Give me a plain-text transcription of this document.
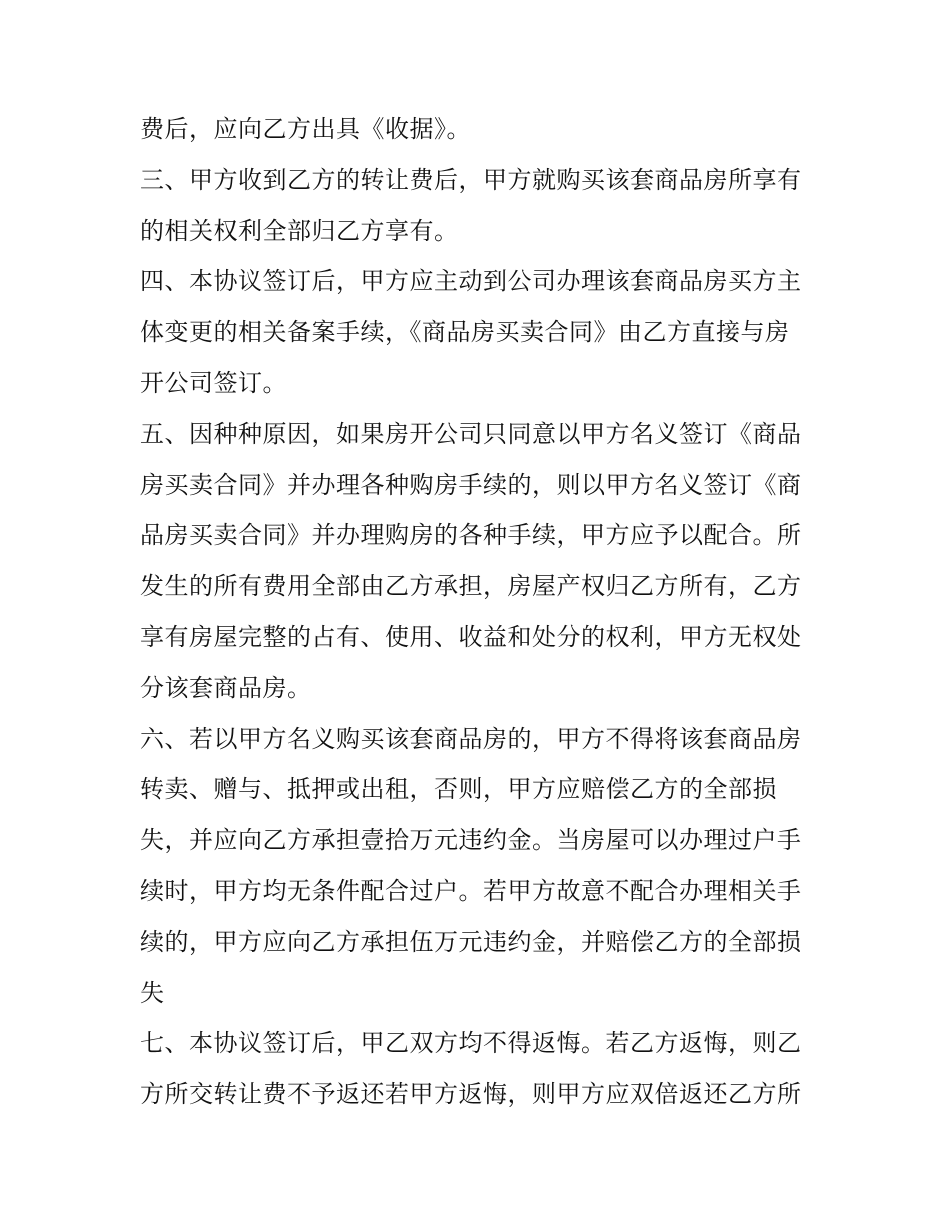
费后，应向乙方出具《收据》。
三、甲方收到乙方的转让费后，甲方就购买该套商品房所享有
的相关权利全部归乙方享有。
四、本协议签订后，甲方应主动到公司办理该套商品房买方主
体变更的相关备案手续，《商品房买卖合同》由乙方直接与房
开公司签订。
五、因种种原因，如果房开公司只同意以甲方名义签订《商品
房买卖合同》并办理各种购房手续的，则以甲方名义签订《商
品房买卖合同》并办理购房的各种手续，甲方应予以配合。所
发生的所有费用全部由乙方承担，房屋产权归乙方所有，乙方
享有房屋完整的占有、使用、收益和处分的权利，甲方无权处
分该套商品房。
六、若以甲方名义购买该套商品房的，甲方不得将该套商品房
转卖、赠与、抵押或出租，否则，甲方应赔偿乙方的全部损
失，并应向乙方承担壹拾万元违约金。当房屋可以办理过户手
续时，甲方均无条件配合过户。若甲方故意不配合办理相关手
续的，甲方应向乙方承担伍万元违约金，并赔偿乙方的全部损
失
七、本协议签订后，甲乙双方均不得返悔。若乙方返悔，则乙
方所交转让费不予返还若甲方返悔，则甲方应双倍返还乙方所
